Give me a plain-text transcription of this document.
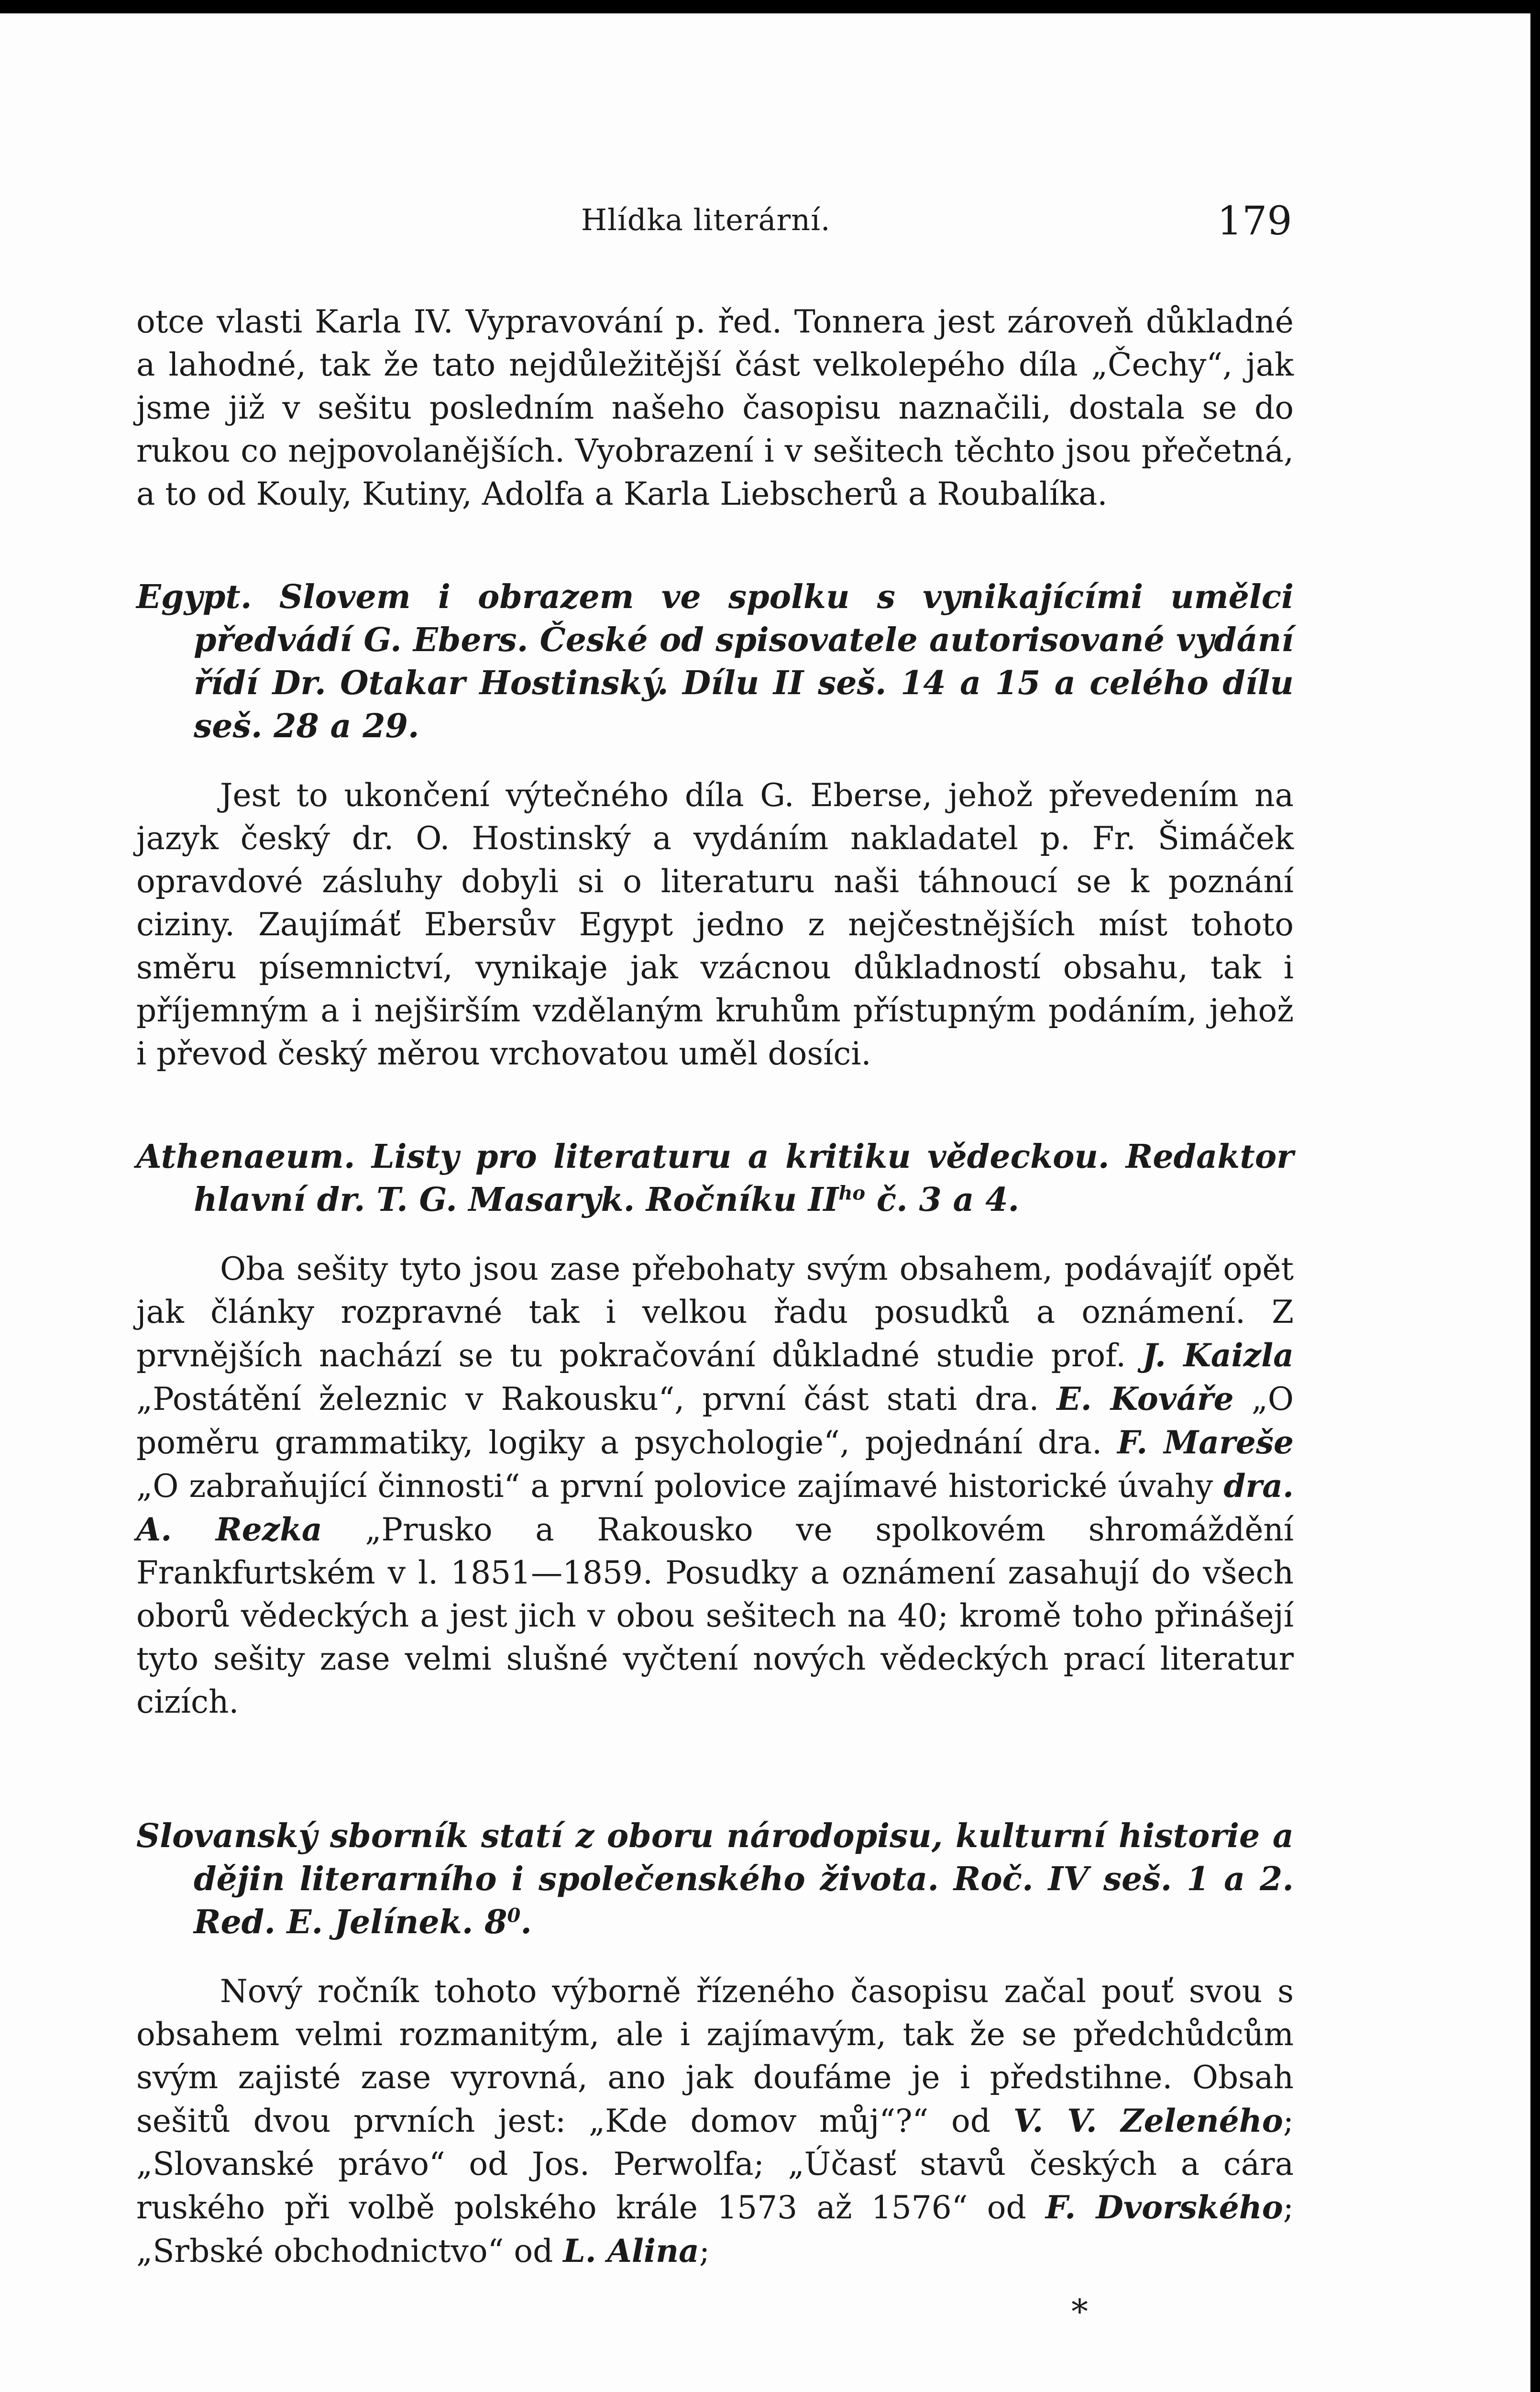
Hlídka literární.	179

otce vlasti Karla IV. Vypravování p. řed. Tonnera jest zároveň důkladné a lahodné, tak že tato nejdůležitější část velkolepého díla „Čechy“, jak jsme již v sešitu posledním našeho časopisu naznačili, dostala se do rukou co nejpovolanějších. Vyobrazení i v sešitech těchto jsou přečetná, a to od Kouly, Kutiny, Adolfa a Karla Liebscherů a Roubalíka.

Egypt. Slovem i obrazem ve spolku s vynikajícími umělci předvádí G. Ebers. České od spisovatele autorisované vydání řídí Dr. Otakar Hostinský. Dílu II seš. 14 a 15 a celého dílu seš. 28 a 29.

Jest to ukončení výtečného díla G. Eberse, jehož převedením na jazyk český dr. O. Hostinský a vydáním nakladatel p. Fr. Šimáček opravdové zásluhy dobyli si o literaturu naši táhnoucí se k poznání ciziny. Zaujímáť Ebersův Egypt jedno z nejčestnějších míst tohoto směru písemnictví, vynikaje jak vzácnou důkladností obsahu, tak i příjemným a i nejširším vzdělaným kruhům přístupným podáním, jehož i převod český měrou vrchovatou uměl dosíci.

Athenaeum. Listy pro literaturu a kritiku vědeckou. Redaktor hlavní dr. T. G. Masaryk. Ročníku $II^{ho}$ č. 3 a 4.

Oba sešity tyto jsou zase přebohaty svým obsahem, podávajíť opět jak články rozpravné tak i velkou řadu posudků a oznámení. Z prvnějších nachází se tu pokračování důkladné studie prof. J. Kaizla „Postátění železnic v Rakousku“, první část stati dra. E. Kováře „O poměru grammatiky, logiky a psychologie“, pojednání dra. F. Mareše „O zabraňující činnosti“ a první polovice zajímavé historické úvahy dra. A. Rezka „Prusko a Rakousko ve spolkovém shromáždění Frankfurtském v l. 1851—1859. Posudky a oznámení zasahují do všech oborů vědeckých a jest jich v obou sešitech na 40; kromě toho přinášejí tyto sešity zase velmi slušné vyčtení nových vědeckých prací literatur cizích.

Slovanský sborník statí z oboru národopisu, kulturní historie a dějin literarního i společenského života. Roč. IV seš. 1 a 2. Red. E. Jelínek. $8^0$.

Nový ročník tohoto výborně řízeného časopisu začal pouť svou s obsahem velmi rozmanitým, ale i zajímavým, tak že se předchůdcům svým zajisté zase vyrovná, ano jak doufáme je i předstihne. Obsah sešitů dvou prvních jest: „Kde domov můj“?“ od V. V. Zeleného; „Slovanské právo“ od Jos. Perwolfa; „Účasť stavů českých a cára ruského při volbě polského krále 1573 až 1576“ od F. Dvorského; „Srbské obchodnictvo“ od L. Alina;

*
